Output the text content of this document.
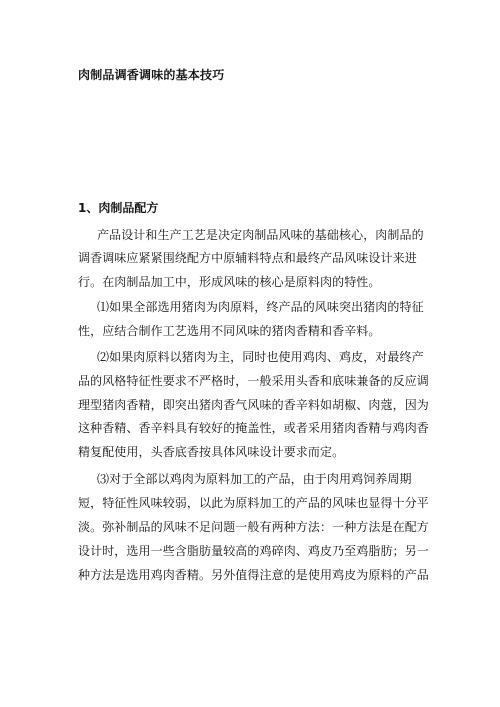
肉制品调香调味的基本技巧
1、肉制品配方
产品设计和生产工艺是决定肉制品风味的基础核心，肉制品的
调香调味应紧紧围绕配方中原辅料特点和最终产品风味设计来进
行。在肉制品加工中，形成风味的核心是原料肉的特性。
⑴如果全部选用猪肉为肉原料，终产品的风味突出猪肉的特征
性，应结合制作工艺选用不同风味的猪肉香精和香辛料。
⑵如果肉原料以猪肉为主，同时也使用鸡肉、鸡皮，对最终产
品的风格特征性要求不严格时，一般采用头香和底味兼备的反应调
理型猪肉香精，即突出猪肉香气风味的香辛料如胡椒、肉蔻，因为
这种香精、香辛料具有较好的掩盖性，或者采用猪肉香精与鸡肉香
精复配使用，头香底香按具体风味设计要求而定。
⑶对于全部以鸡肉为原料加工的产品，由于肉用鸡饲养周期
短，特征性风味较弱，以此为原料加工的产品的风味也显得十分平
淡。弥补制品的风味不足问题一般有两种方法：一种方法是在配方
设计时，选用一些含脂肪量较高的鸡碎肉、鸡皮乃至鸡脂肪；另一
种方法是选用鸡肉香精。另外值得注意的是使用鸡皮为原料的产品
